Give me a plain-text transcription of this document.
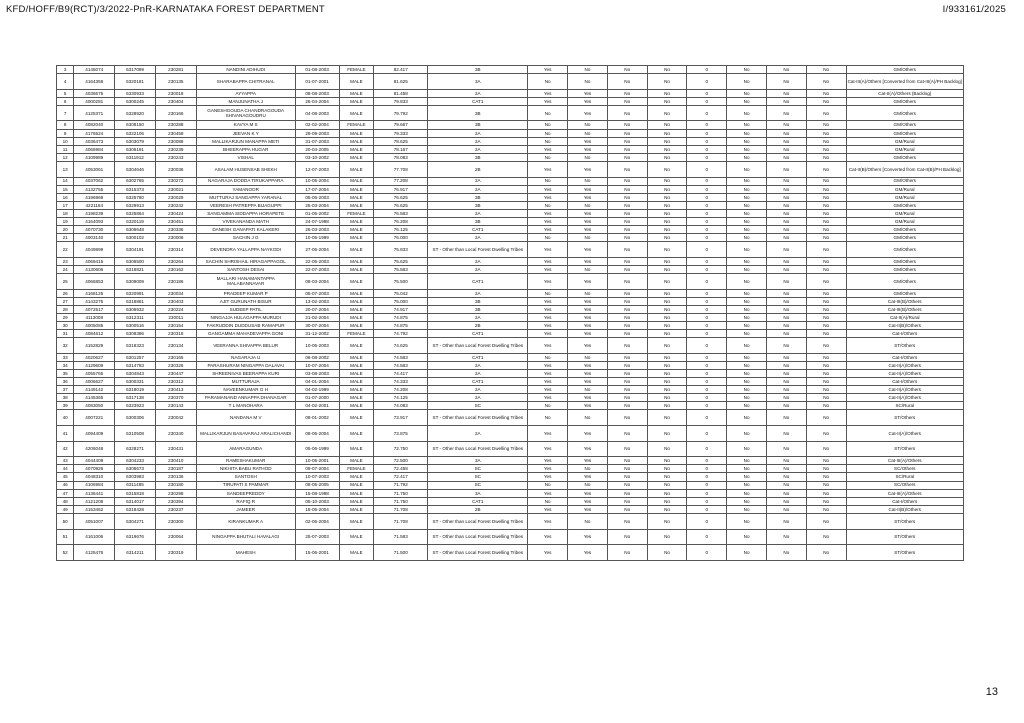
KFD/HOFF/B9(RCT)/3/2022-PnR-KARNATAKA FOREST DEPARTMENT	I/933161/2025
3	4145074	6317099	230281	NANDINI ADIHUDI	01-08-2003	FEMALE	82.417	3B	Yes	No	No	No	0	No	No	No	GM/Others
4	4164358	6320181	230135	SHARABAPPA CHITRANAL	01-07-2001	MALE	81.625	3A	No	No	No	No	0	No	No	No	Cat-III(A)/Others [Converted from Cat-III(A)/PH Backlog]
5	4036675	6330933	230018	AYYAPPA	08-08-2003	MALE	81.458	2A	Yes	Yes	No	No	0	No	No	No	Cat-II(A)/Others (Backlog)
6	4000281	6300245	230404	MANJUNATHA J	26-04-2004	MALE	79.833	CAT1	Yes	Yes	No	No	0	No	No	No	GM/Others
7	4125371	6328920	230166	GANESHGOUDA CHANDRAGOUDA SHIVANAGOUDRU	04-08-2003	MALE	79.792	3B	No	Yes	No	No	0	No	No	No	GM/Others
8	4082040	6308150	230288	KAVYA M S	02-02-2004	FEMALE	79.667	3B	No	No	No	No	0	No	No	No	GM/Others
9	4176524	6322106	230458	JEEVAN K Y	29-09-2003	MALE	79.333	2A	No	No	No	No	0	No	No	No	GM/Others
10	4036473	6303079	230088	MALLIKARJUN MANAPPA METI	31-07-2003	MALE	78.625	2A	No	Yes	No	No	0	No	No	No	GM/Rural
11	4066984	6306191	230239	BHEERAPPA HUGAR	20-04-2005	MALE	78.167	2A	Yes	Yes	No	No	0	No	No	No	GM/Rural
12	4109989	6311912	230243	VISHAL	03-10-2002	MALE	78.083	3B	No	No	No	No	0	No	No	No	GM/Others
13	4053061	6304646	230036	ASALAM HUSENSAB SHEKH	12-07-2003	MALE	77.708	2B	Yes	Yes	No	No	0	No	No	No	Cat-II(B)/Others [Converted from Cat-II(B)/PH Backlog]
14	4037062	6302765	230272	NAGARAJA DODDA TIRUKAPPARA	10-05-2004	MALE	77.208	2A	No	No	No	No	0	No	No	No	GM/Others
15	4132755	6315373	230021	YAMANOOR	17-07-2004	MALE	76.917	2A	Yes	Yes	No	No	0	No	No	No	GM/Rural
16	4196969	6325780	230029	MUTTURAJ SANGAPPA YARANAL	05-06-2003	MALE	76.625	3B	Yes	Yes	No	No	0	No	No	No	GM/Rural
17	4221184	6329913	230242	VEERESH PATREPPA BIJAGUPPI	25-03-2004	MALE	76.625	3B	No	No	No	No	0	No	No	No	GM/Others
18	4198239	6325864	230424	SANGAMMA SIDDAPPA HORAPETE	01-05-2002	FEMALE	76.583	2A	Yes	Yes	No	No	0	No	No	No	GM/Rural
19	4164093	6320119	230451	VIVEKANANDA MATH	24-07-1998	MALE	76.208	3B	Yes	Yes	No	No	0	No	No	No	GM/Rural
20	4070730	6306648	230336	DANESH GANAPATI KALAKERI	26-03-2003	MALE	76.125	CAT1	Yes	Yes	No	No	0	No	No	No	GM/Others
21	4003140	6300102	230006	SACHIN J G	10-05-1999	MALE	76.000	2A	No	No	No	No	0	No	No	No	GM/Others
22	4049899	6304191	230314	DEVENDRA YALLAPPA NAYKODI	27-06-2004	MALE	75.833	ST - Other than Local Forest Dwelling Tribes	Yes	Yes	No	No	0	No	No	No	GM/Others
23	4069415	6306500	230264	SACHIN SHRISHAIL HIRAGAPPAGOL	22-05-2003	MALE	75.625	2A	Yes	Yes	No	No	0	No	No	No	GM/Others
24	4130606	6316821	230162	SANTOSH DESAI	22-07-2003	MALE	75.583	2A	Yes	No	No	No	0	No	No	No	GM/Others
25	4066853	6309009	230186	MALLARI HANAMANTAPPA MALABANNAVAR	08-03-2004	MALE	75.500	CAT1	Yes	Yes	No	No	0	No	No	No	GM/Others
26	4168125	6320991	230034	PRADEEP KUMAR P	05-07-2003	MALE	75.042	2A	No	No	No	No	0	No	No	No	GM/Others
27	4143275	6316861	230403	AJIT GURUNATH BISUR	13-02-2003	MALE	75.000	3B	Yes	Yes	No	No	0	No	No	No	Cat-III(B)/Others
28	4072517	6306932	230224	SUDEEP PATIL	20-07-2004	MALE	74.917	3B	Yes	Yes	No	No	0	No	No	No	Cat-III(B)/Others
29	4113008	6312311	230011	NINGAJJA HULAGAPPA MURUDI	21-02-2004	MALE	74.875	2A	Yes	Yes	No	No	0	No	No	No	Cat-II(A)/Rural
30	4005085	6300516	230154	FAKRUDDIN DUDDUSAB RAMAPUR	30-07-2004	MALE	74.875	2B	Yes	Yes	No	No	0	No	No	No	Cat-II(B)/Others
31	4084612	6308386	230318	GANGAMMA MAHADEVAPPA GONI	31-12-2002	FEMALE	74.792	CAT1	Yes	Yes	No	No	0	No	No	No	Cat-I/Others
32	4152829	6318323	230134	VEERANNA SHIVAPPA BELUR	10-05-2003	MALE	74.625	ST - Other than Local Forest Dwelling Tribes	Yes	Yes	No	No	0	No	No	No	ST/Others
33	4020627	6301257	230165	NAGARAJA U	06-08-2002	MALE	74.583	CAT1	No	No	No	No	0	No	No	No	Cat-I/Others
34	4129609	6314783	230326	PARASHURAM NINGAPPA DALAVAI	10-07-2004	MALE	74.583	2A	Yes	Yes	No	No	0	No	No	No	Cat-II(A)/Others
35	4055765	6304843	230447	SHREENIVAS BEERAPPA KURI	03-08-2003	MALE	74.417	2A	Yes	Yes	No	No	0	No	No	No	Cat-II(A)/Others
36	4006627	6300331	230312	MUTTURAJA	04-01-2004	MALE	74.333	CAT1	Yes	Yes	No	No	0	No	No	No	Cat-I/Others
37	4149142	6318019	230413	NAVEENKUMAR G H	04-02-1999	MALE	74.208	2A	Yes	No	No	No	0	No	No	No	Cat-II(A)/Others
38	4145365	6317138	230370	PARAMANAND ANNAPPA DHANAGAR	01-07-2000	MALE	74.125	2A	Yes	Yes	No	No	0	No	No	No	Cat-II(A)/Others
39	4083050	6323923	230143	T L MANOHARA	04-02-2001	MALE	74.083	SC	No	Yes	No	No	0	No	No	No	SC/Rural
40	4007221	6300306	230042	NANDANA M V	08-01-2002	MALE	73.917	ST - Other than Local Forest Dwelling Tribes	No	No	No	No	0	No	No	No	ST/Others
41	4094409	6310508	230340	MALLIKARJUN BASAVARAJ ARALICHANDI	08-05-2004	MALE	73.875	2A	Yes	Yes	No	No	0	No	No	No	Cat-II(A)/Others
42	4206048	6328271	230431	AMARAGUNDA	05-06-1999	MALE	72.750	ST - Other than Local Forest Dwelling Tribes	Yes	Yes	No	No	0	No	No	No	ST/Others
43	4044409	6304233	230410	RAMESHAKUMAR	10-05-2001	MALE	72.500	3A	Yes	Yes	No	No	0	No	No	No	Cat-III(A)/Others
44	4070926	6306673	230187	NIKHITA BABU RATHOD	09-07-2004	FEMALE	72.458	SC	Yes	No	No	No	0	No	No	No	SC/Others
45	4048310	6303983	230136	SANTOSH	10-07-2003	MALE	72.417	SC	Yes	Yes	No	No	0	No	No	No	SC/Rural
46	4106984	6311485	230180	TIRUPATI S PAMMAR	08-05-2005	MALE	71.792	SC	No	No	No	No	0	No	No	No	SC/Others
47	4136441	6315818	230298	SANDEEPREDDY	15-08-1998	MALE	71.750	3A	Yes	Yes	No	No	0	No	No	No	Cat-III(A)/Others
48	4121208	6314017	230394	RAFIQ R	05-10-2003	MALE	71.750	CAT1	No	Yes	No	No	0	No	No	No	Cat-I/Others
49	4153462	6318428	230237	JAMEER	18-05-2004	MALE	71.708	2B	Yes	Yes	No	No	0	No	No	No	Cat-II(B)/Others
50	4051007	6304271	230300	KIRANKUMAR A	02-06-2004	MALE	71.708	ST - Other than Local Forest Dwelling Tribes	Yes	No	No	No	0	No	No	No	ST/Others
51	4161006	6319676	230064	NINGAPPA BHUTALI HAVALAGI	25-07-2003	MALE	71.583	ST - Other than Local Forest Dwelling Tribes	Yes	Yes	No	No	0	No	No	No	ST/Others
52	4125476	6314211	230319	MAHESH	15-06-2001	MALE	71.500	ST - Other than Local Forest Dwelling Tribes	Yes	Yes	No	No	0	No	No	No	ST/Others
13
